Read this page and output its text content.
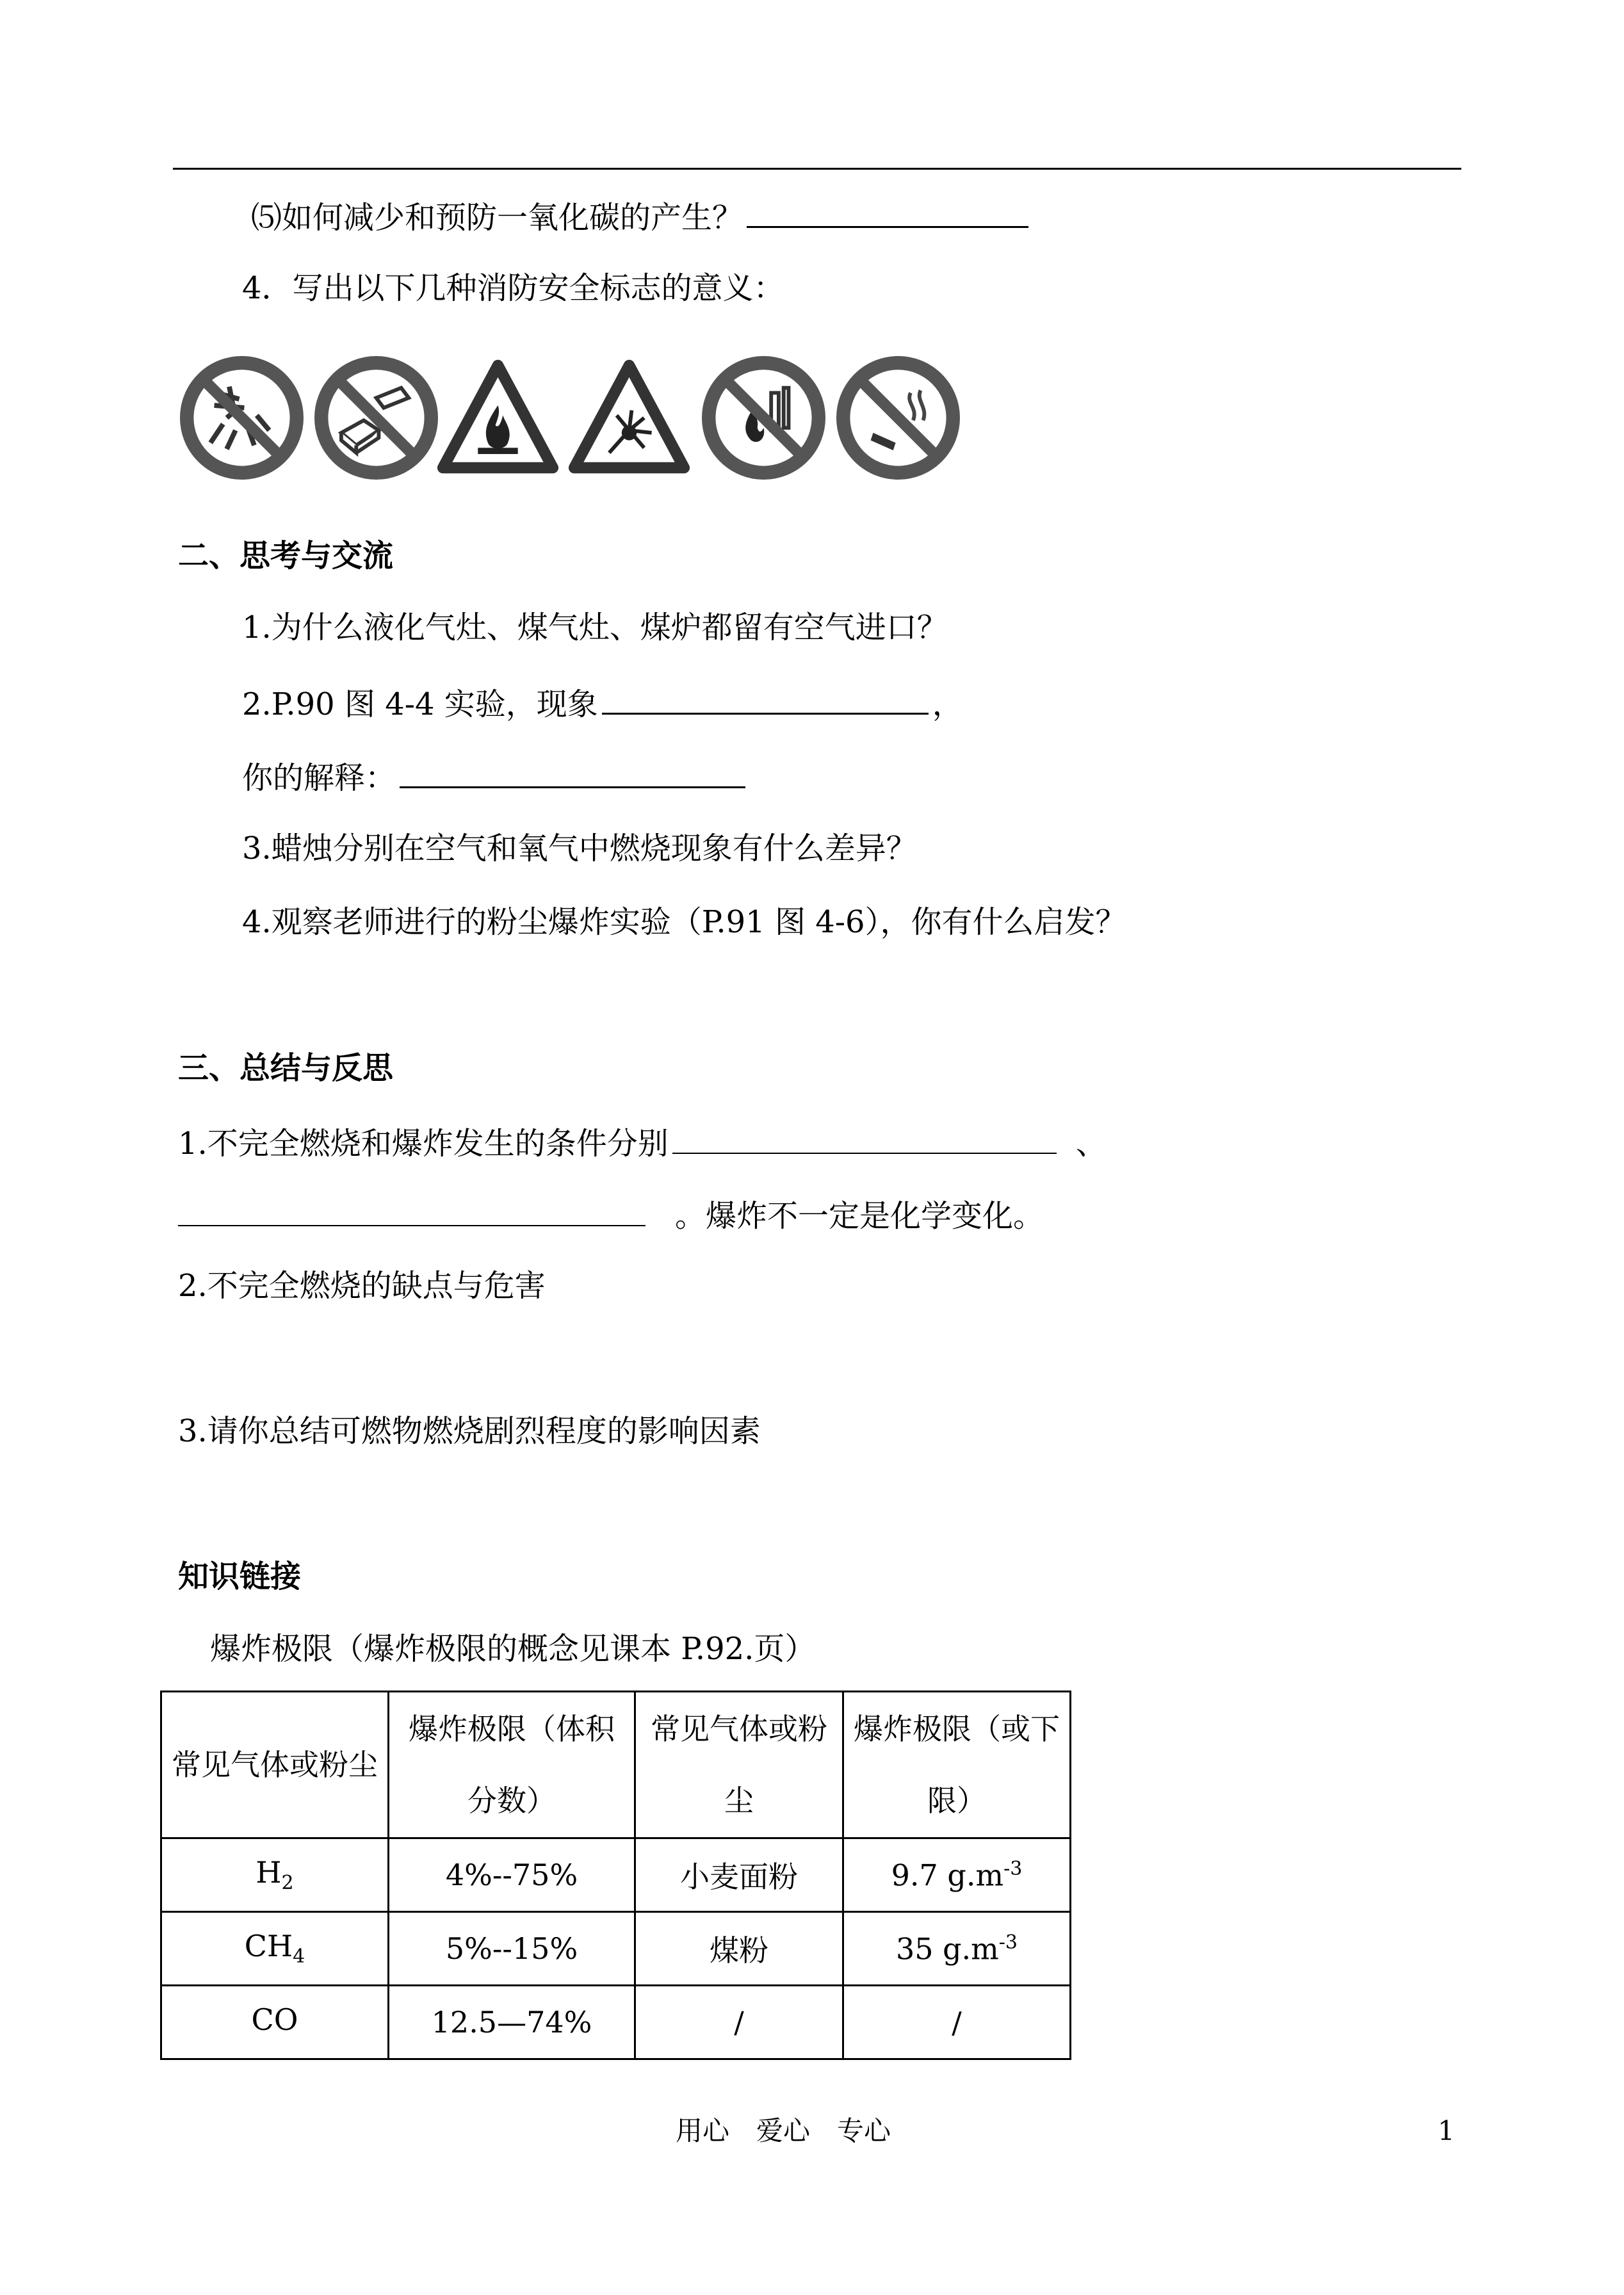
⑸如何减少和预防一氧化碳的产生？
4．写出以下几种消防安全标志的意义：
二、思考与交流
1.为什么液化气灶、煤气灶、煤炉都留有空气进口？
2.P.90 图 4-4 实验，现象	，
你的解释：
3.蜡烛分别在空气和氧气中燃烧现象有什么差异？
4.观察老师进行的粉尘爆炸实验（P.91 图 4-6），你有什么启发？
三、总结与反思
1.不完全燃烧和爆炸发生的条件分别	、
。爆炸不一定是化学变化。
2.不完全燃烧的缺点与危害
3.请你总结可燃物燃烧剧烈程度的影响因素
知识链接
爆炸极限（爆炸极限的概念见课本 P.92.页）
常见气体或粉尘	爆炸极限（体积分数）	常见气体或粉尘	爆炸极限（或下限）
$H_2$	4%--75%	小麦面粉	9.7 $g.m^{-3}$
$CH_4$	5%--15%	煤粉	35 $g.m^{-3}$
CO	12.5—74%	/	/
用心　爱心　专心	1
